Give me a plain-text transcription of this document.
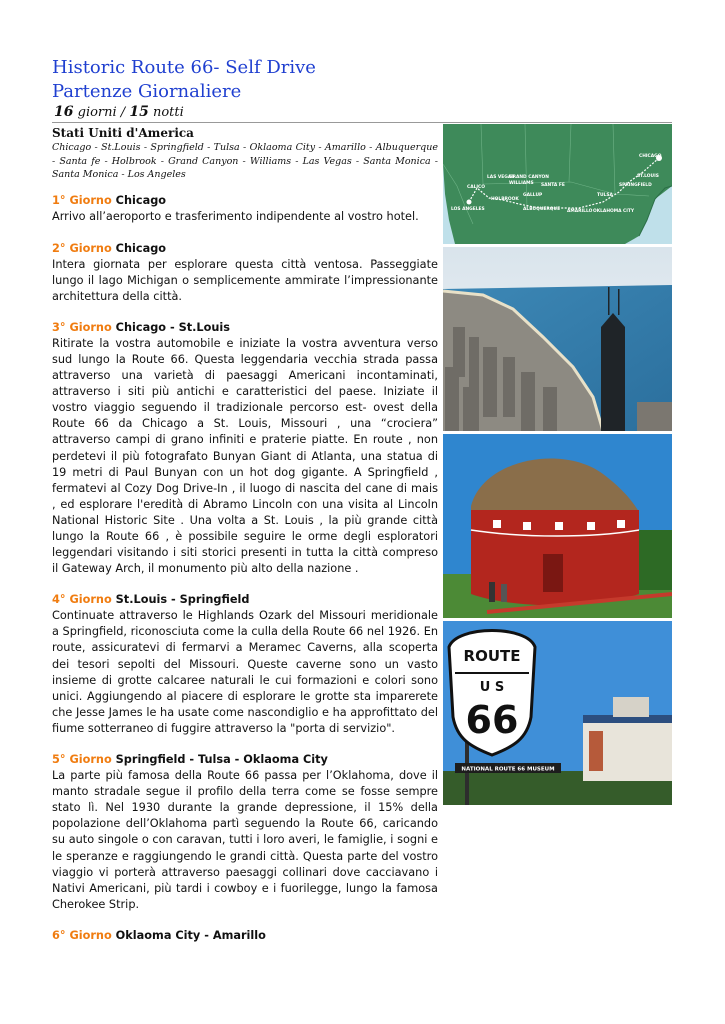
Historic Route 66- Self Drive
Partenze Giornaliere
16 giorni / 15 notti
Stati Uniti d'America
Chicago - St.Louis - Springfield - Tulsa - Oklaoma City - Amarillo - Albuquerque - Santa fe - Holbrook - Grand Canyon - Williams - Las Vegas - Santa Monica - Santa Monica - Los Angeles
1° Giorno Chicago

Arrivo all’aeroporto e trasferimento indipendente al vostro hotel.

2° Giorno Chicago

Intera giornata per esplorare questa città ventosa. Passeggiate lungo il lago Michigan o semplicemente ammirate l’impressionante architettura della città.

3° Giorno Chicago - St.Louis

Ritirate la vostra automobile e iniziate la vostra avventura verso sud lungo la Route 66. Questa leggendaria vecchia strada passa attraverso una varietà di paesaggi Americani incontaminati, attraverso i siti più antichi e caratteristici del paese. Iniziate il vostro viaggio seguendo il tradizionale percorso est- ovest della Route 66 da Chicago a St. Louis, Missouri , una “crociera” attraverso campi di grano infiniti e praterie piatte. En route , non perdetevi il più fotografato Bunyan Giant di Atlanta, una statua di 19 metri di Paul Bunyan con un hot dog gigante. A Springfield , fermatevi al Cozy Dog Drive-In , il luogo di nascita del cane di mais , ed esplorare l'eredità di Abramo Lincoln con una visita al Lincoln National Historic Site . Una volta a St. Louis , la più grande città lungo la Route 66 , è possibile seguire le orme degli esploratori leggendari visitando i siti storici presenti in tutta la città compreso il Gateway Arch, il monumento più alto della nazione .

4° Giorno St.Louis - Springfield

Continuate attraverso le Highlands Ozark del Missouri meridionale a Springfield, riconosciuta come la culla della Route 66 nel 1926. En route, assicuratevi di fermarvi a Meramec Caverns, alla scoperta dei tesori sepolti del Missouri. Queste caverne sono un vasto insieme di grotte calcaree naturali le cui formazioni e colori sono unici. Aggiungendo al piacere di esplorare le grotte sta imparerete che Jesse James le ha usate come nascondiglio e ha approfittato del fiume sotterraneo di fuggire attraverso la "porta di servizio".

5° Giorno Springfield - Tulsa - Oklaoma City

La parte più famosa della Route 66 passa per l’Oklahoma, dove il manto stradale segue il profilo della terra come se fosse sempre stato lì. Nel 1930 durante la grande depressione, il 15% della popolazione dell’Oklahoma partì seguendo la Route 66, caricando su auto singole o con caravan, tutti i loro averi, le famiglie, i sogni e le speranze e raggiungendo le grandi città. Questa parte del vostro viaggio vi porterà attraverso paesaggi collinari dove cacciavano i Nativi Americani, più tardi i cowboy e i fuorilegge, lungo la famosa Cherokee Strip.

6° Giorno Oklaoma City - Amarillo
CHICAGO
ST.LOUIS
SPRINGFIELD
TULSA
OKLAHOMA CITY
AMARILLO
ALBUQUERQUE
SANTA FE
GALLUP
HOLBROOK
GRAND CANYON
WILLIAMS
LAS VEGAS
CALICO
LOS ANGELES
ROUTE
U S
66
NATIONAL ROUTE 66 MUSEUM
